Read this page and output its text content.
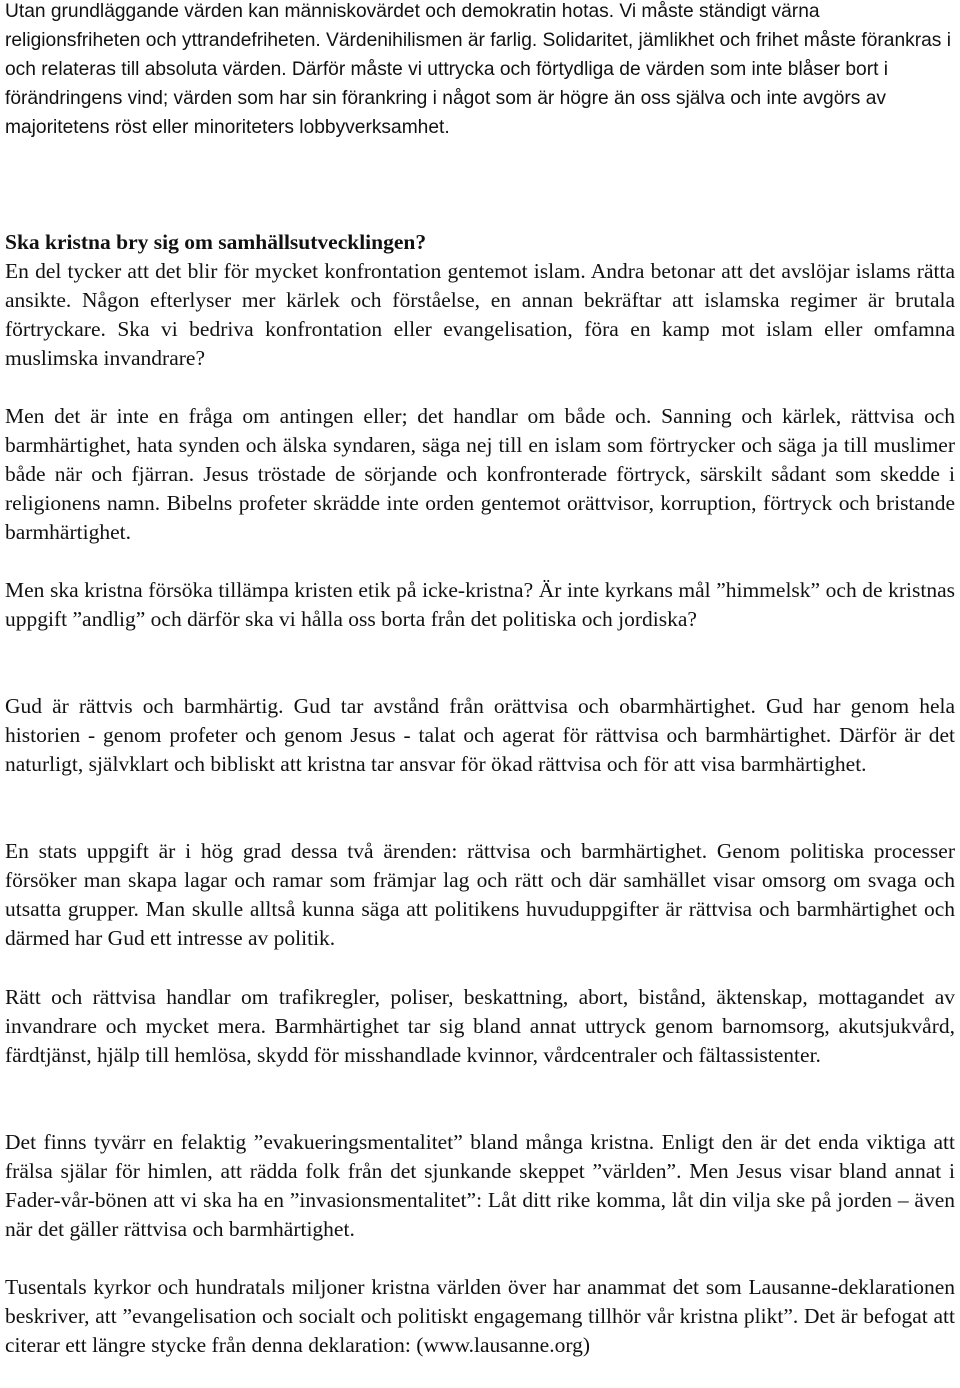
Utan grundläggande värden kan människovärdet och demokratin hotas. Vi måste ständigt värna religionsfriheten och yttrandefriheten. Värdenihilismen är farlig. Solidaritet, jämlikhet och frihet måste förankras i och relateras till absoluta värden. Därför måste vi uttrycka och förtydliga de värden som inte blåser bort i förändringens vind; värden som har sin förankring i något som är högre än oss själva och inte avgörs av majoritetens röst eller minoriteters lobbyverksamhet.

Ska kristna bry sig om samhällsutvecklingen?

En del tycker att det blir för mycket konfrontation gentemot islam. Andra betonar att det avslöjar islams rätta ansikte. Någon efterlyser mer kärlek och förståelse, en annan bekräftar att islamska regimer är brutala förtryckare. Ska vi bedriva konfrontation eller evangelisation, föra en kamp mot islam eller omfamna muslimska invandrare?

Men det är inte en fråga om antingen eller; det handlar om både och. Sanning och kärlek, rättvisa och barmhärtighet, hata synden och älska syndaren, säga nej till en islam som förtrycker och säga ja till muslimer både när och fjärran. Jesus tröstade de sörjande och konfronterade förtryck, särskilt sådant som skedde i religionens namn. Bibelns profeter skrädde inte orden gentemot orättvisor, korruption, förtryck och bristande barmhärtighet.

Men ska kristna försöka tillämpa kristen etik på icke-kristna? Är inte kyrkans mål ”himmelsk” och de kristnas uppgift ”andlig” och därför ska vi hålla oss borta från det politiska och jordiska?

Gud är rättvis och barmhärtig. Gud tar avstånd från orättvisa och obarmhärtighet. Gud har genom hela historien - genom profeter och genom Jesus - talat och agerat för rättvisa och barmhärtighet. Därför är det naturligt, självklart och bibliskt att kristna tar ansvar för ökad rättvisa och för att visa barmhärtighet.

En stats uppgift är i hög grad dessa två ärenden: rättvisa och barmhärtighet. Genom politiska processer försöker man skapa lagar och ramar som främjar lag och rätt och där samhället visar omsorg om svaga och utsatta grupper. Man skulle alltså kunna säga att politikens huvuduppgifter är rättvisa och barmhärtighet och därmed har Gud ett intresse av politik.

Rätt och rättvisa handlar om trafikregler, poliser, beskattning, abort, bistånd, äktenskap, mottagandet av invandrare och mycket mera. Barmhärtighet tar sig bland annat uttryck genom barnomsorg, akutsjukvård, färdtjänst, hjälp till hemlösa, skydd för misshandlade kvinnor, vårdcentraler och fältassistenter.

Det finns tyvärr en felaktig ”evakueringsmentalitet” bland många kristna. Enligt den är det enda viktiga att frälsa själar för himlen, att rädda folk från det sjunkande skeppet ”världen”. Men Jesus visar bland annat i Fader-vår-bönen att vi ska ha en ”invasionsmentalitet”: Låt ditt rike komma, låt din vilja ske på jorden – även när det gäller rättvisa och barmhärtighet.

Tusentals kyrkor och hundratals miljoner kristna världen över har anammat det som Lausanne-deklarationen beskriver, att ”evangelisation och socialt och politiskt engagemang tillhör vår kristna plikt”. Det är befogat att citerar ett längre stycke från denna deklaration: (www.lausanne.org)
